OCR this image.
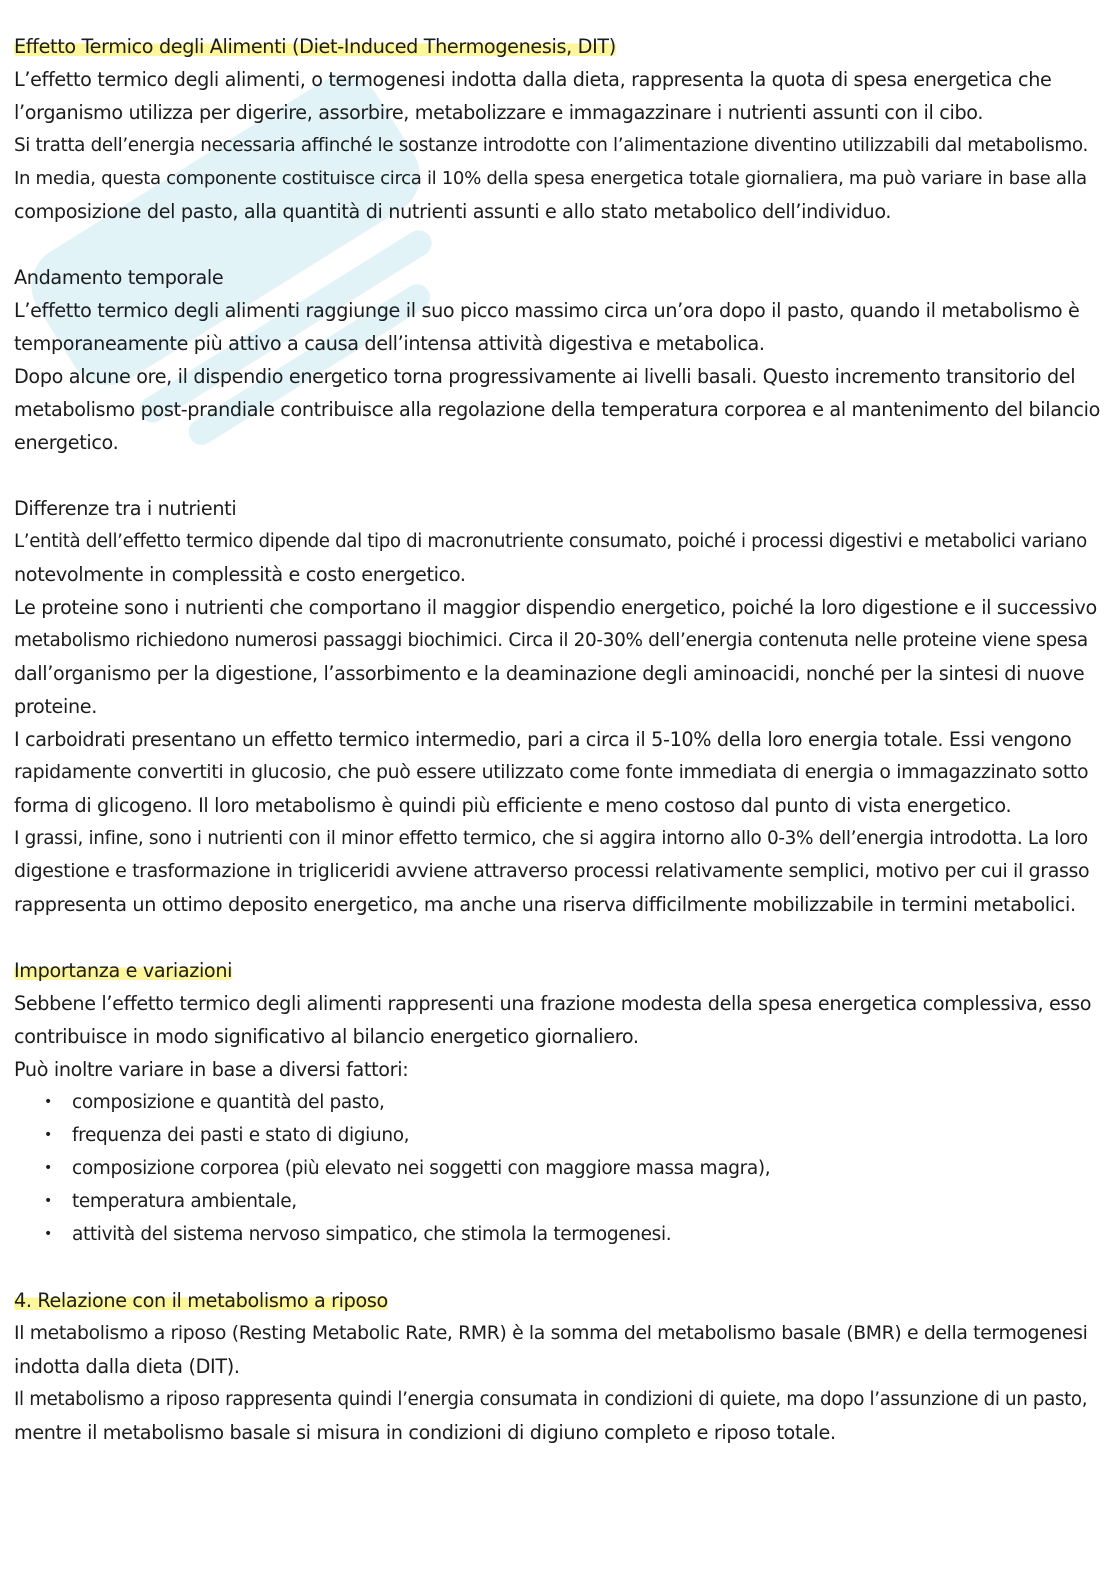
Effetto Termico degli Alimenti (Diet-Induced Thermogenesis, DIT)
L’effetto termico degli alimenti, o termogenesi indotta dalla dieta, rappresenta la quota di spesa energetica che
l’organismo utilizza per digerire, assorbire, metabolizzare e immagazzinare i nutrienti assunti con il cibo.
Si tratta dell’energia necessaria affinché le sostanze introdotte con l’alimentazione diventino utilizzabili dal metabolismo.
In media, questa componente costituisce circa il 10% della spesa energetica totale giornaliera, ma può variare in base alla
composizione del pasto, alla quantità di nutrienti assunti e allo stato metabolico dell’individuo.
Andamento temporale
L’effetto termico degli alimenti raggiunge il suo picco massimo circa un’ora dopo il pasto, quando il metabolismo è
temporaneamente più attivo a causa dell’intensa attività digestiva e metabolica.
Dopo alcune ore, il dispendio energetico torna progressivamente ai livelli basali. Questo incremento transitorio del
metabolismo post-prandiale contribuisce alla regolazione della temperatura corporea e al mantenimento del bilancio
energetico.
Differenze tra i nutrienti
L’entità dell’effetto termico dipende dal tipo di macronutriente consumato, poiché i processi digestivi e metabolici variano
notevolmente in complessità e costo energetico.
Le proteine sono i nutrienti che comportano il maggior dispendio energetico, poiché la loro digestione e il successivo
metabolismo richiedono numerosi passaggi biochimici. Circa il 20-30% dell’energia contenuta nelle proteine viene spesa
dall’organismo per la digestione, l’assorbimento e la deaminazione degli aminoacidi, nonché per la sintesi di nuove
proteine.
I carboidrati presentano un effetto termico intermedio, pari a circa il 5-10% della loro energia totale. Essi vengono
rapidamente convertiti in glucosio, che può essere utilizzato come fonte immediata di energia o immagazzinato sotto
forma di glicogeno. Il loro metabolismo è quindi più efficiente e meno costoso dal punto di vista energetico.
I grassi, infine, sono i nutrienti con il minor effetto termico, che si aggira intorno allo 0-3% dell’energia introdotta. La loro
digestione e trasformazione in trigliceridi avviene attraverso processi relativamente semplici, motivo per cui il grasso
rappresenta un ottimo deposito energetico, ma anche una riserva difficilmente mobilizzabile in termini metabolici.
Importanza e variazioni
Sebbene l’effetto termico degli alimenti rappresenti una frazione modesta della spesa energetica complessiva, esso
contribuisce in modo significativo al bilancio energetico giornaliero.
Può inoltre variare in base a diversi fattori:
• composizione e quantità del pasto,
• frequenza dei pasti e stato di digiuno,
• composizione corporea (più elevato nei soggetti con maggiore massa magra),
• temperatura ambientale,
• attività del sistema nervoso simpatico, che stimola la termogenesi.
4. Relazione con il metabolismo a riposo
Il metabolismo a riposo (Resting Metabolic Rate, RMR) è la somma del metabolismo basale (BMR) e della termogenesi
indotta dalla dieta (DIT).
Il metabolismo a riposo rappresenta quindi l’energia consumata in condizioni di quiete, ma dopo l’assunzione di un pasto,
mentre il metabolismo basale si misura in condizioni di digiuno completo e riposo totale.
